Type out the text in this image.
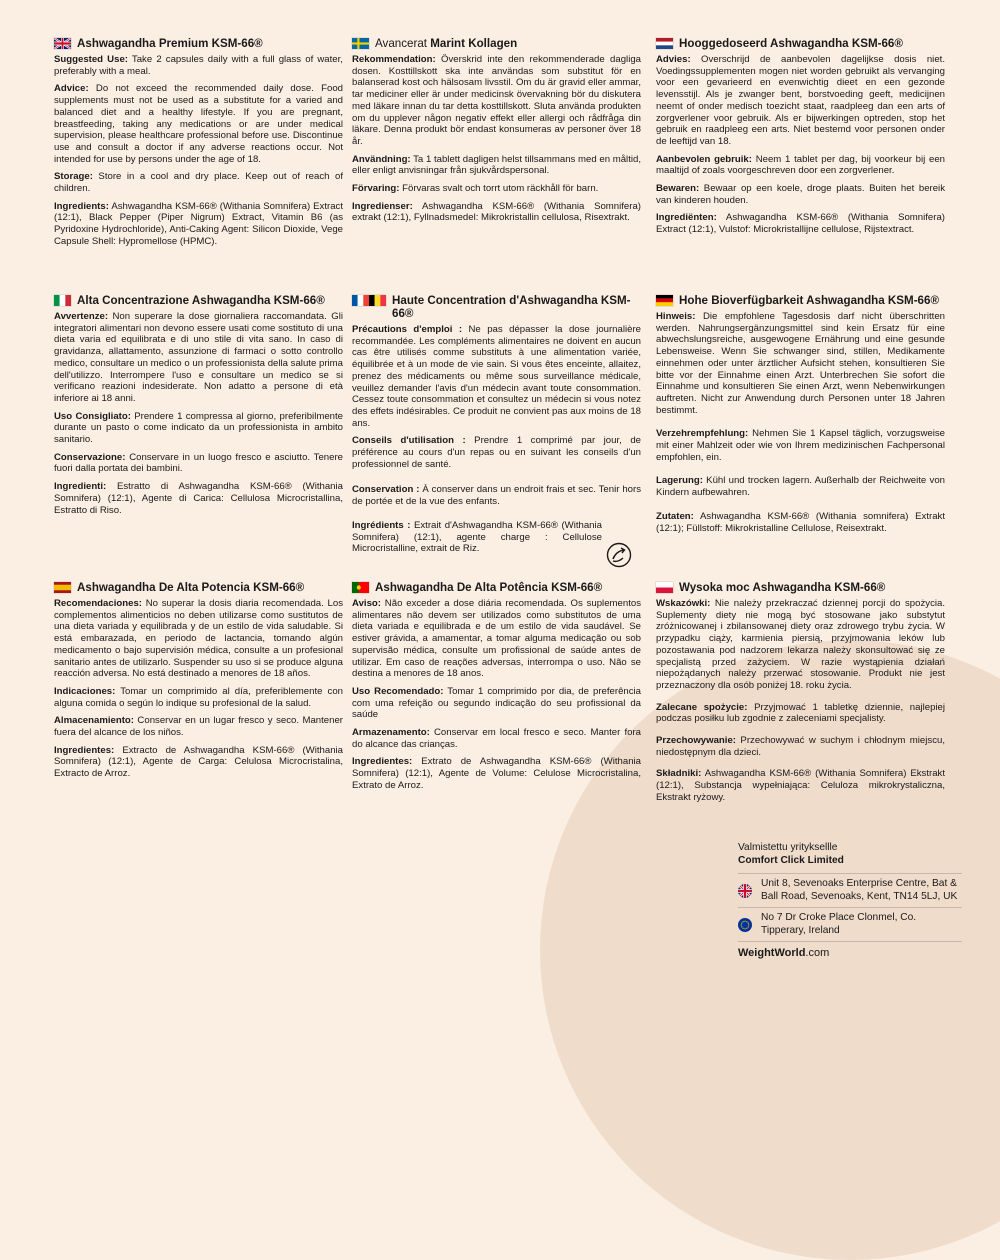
Ashwagandha Premium KSM-66®

Suggested Use: Take 2 capsules daily with a full glass of water, preferably with a meal.

Advice: Do not exceed the recommended daily dose. Food supplements must not be used as a substitute for a varied and balanced diet and a healthy lifestyle. If you are pregnant, breastfeeding, taking any medications or are under medical supervision, please healthcare professional before use. Discontinue use and consult a doctor if any adverse reactions occur. Not intended for use by persons under the age of 18.

Storage: Store in a cool and dry place. Keep out of reach of children.

Ingredients: Ashwagandha KSM-66® (Withania Somnifera) Extract (12:1), Black Pepper (Piper Nigrum) Extract, Vitamin B6 (as Pyridoxine Hydrochloride), Anti-Caking Agent: Silicon Dioxide, Vege Capsule Shell: Hypromellose (HPMC).

Avancerat Marint Kollagen

Rekommendation: Överskrid inte den rekommenderade dagliga dosen. Kosttillskott ska inte användas som substitut för en balanserad kost och hälsosam livsstil. Om du är gravid eller ammar, tar mediciner eller är under medicinsk övervakning bör du diskutera med läkare innan du tar detta kosttillskott. Sluta använda produkten om du upplever någon negativ effekt eller allergi och rådfråga din läkare. Denna produkt bör endast konsumeras av personer över 18 år.

Användning: Ta 1 tablett dagligen helst tillsammans med en måltid, eller enligt anvisningar från sjukvårdspersonal.

Förvaring: Förvaras svalt och torrt utom räckhåll för barn.

Ingredienser: Ashwagandha KSM-66® (Withania Somnifera) extrakt (12:1), Fyllnadsmedel: Mikrokristallin cellulosa, Risextrakt.

Hooggedoseerd Ashwagandha KSM-66®

Advies: Overschrijd de aanbevolen dagelijkse dosis niet. Voedingssupplementen mogen niet worden gebruikt als vervanging voor een gevarieerd en evenwichtig dieet en een gezonde levensstijl. Als je zwanger bent, borstvoeding geeft, medicijnen neemt of onder medisch toezicht staat, raadpleeg dan een arts of zorgverlener voor gebruik. Als er bijwerkingen optreden, stop het gebruik en raadpleeg een arts. Niet bestemd voor personen onder de leeftijd van 18.

Aanbevolen gebruik: Neem 1 tablet per dag, bij voorkeur bij een maaltijd of zoals voorgeschreven door een zorgverlener.

Bewaren: Bewaar op een koele, droge plaats. Buiten het bereik van kinderen houden.

Ingrediënten: Ashwagandha KSM-66® (Withania Somnifera) Extract (12:1), Vulstof: Microkristallijne cellulose, Rijstextract.

Alta Concentrazione Ashwagandha KSM-66®

Avvertenze: Non superare la dose giornaliera raccomandata. Gli integratori alimentari non devono essere usati come sostituto di una dieta varia ed equilibrata e di uno stile di vita sano. In caso di gravidanza, allattamento, assunzione di farmaci o sotto controllo medico, consultare un medico o un professionista della salute prima dell'utilizzo. Interrompere l'uso e consultare un medico se si verificano reazioni indesiderate. Non adatto a persone di età inferiore ai 18 anni.

Uso Consigliato: Prendere 1 compressa al giorno, preferibilmente durante un pasto o come indicato da un professionista in ambito sanitario.

Conservazione: Conservare in un luogo fresco e asciutto. Tenere fuori dalla portata dei bambini.

Ingredienti: Estratto di Ashwagandha KSM-66® (Withania Somnifera) (12:1), Agente di Carica: Cellulosa Microcristallina, Estratto di Riso.

Haute Concentration d'Ashwagandha KSM-66®

Précautions d'emploi : Ne pas dépasser la dose journalière recommandée. Les compléments alimentaires ne doivent en aucun cas être utilisés comme substituts à une alimentation variée, équilibrée et à un mode de vie sain. Si vous êtes enceinte, allaitez, prenez des médicaments ou même sous surveillance médicale, veuillez demander l'avis d'un médecin avant toute consommation. Cessez toute consommation et consultez un médecin si vous notez des effets indésirables. Ce produit ne convient pas aux moins de 18 ans.

Conseils d'utilisation : Prendre 1 comprimé par jour, de préférence au cours d'un repas ou en suivant les conseils d'un professionnel de santé.

Conservation : À conserver dans un endroit frais et sec. Tenir hors de portée et de la vue des enfants.

Ingrédients : Extrait d'Ashwagandha KSM-66® (Withania Somnifera) (12:1), agente charge : Cellulose Microcristalline, extrait de Riz.

Hohe Bioverfügbarkeit Ashwagandha KSM-66®

Hinweis: Die empfohlene Tagesdosis darf nicht überschritten werden. Nahrungsergänzungsmittel sind kein Ersatz für eine abwechslungsreiche, ausgewogene Ernährung und eine gesunde Lebensweise. Wenn Sie schwanger sind, stillen, Medikamente einnehmen oder unter ärztlicher Aufsicht stehen, konsultieren Sie bitte vor der Einnahme einen Arzt. Unterbrechen Sie sofort die Einnahme und konsultieren Sie einen Arzt, wenn Nebenwirkungen auftreten. Nicht zur Anwendung durch Personen unter 18 Jahren bestimmt.

Verzehrempfehlung: Nehmen Sie 1 Kapsel täglich, vorzugsweise mit einer Mahlzeit oder wie von Ihrem medizinischen Fachpersonal empfohlen, ein.

Lagerung: Kühl und trocken lagern. Außerhalb der Reichweite von Kindern aufbewahren.

Zutaten: Ashwagandha KSM-66® (Withania somnifera) Extrakt (12:1); Füllstoff: Mikrokristalline Cellulose, Reisextrakt.

Ashwagandha De Alta Potencia KSM-66®

Recomendaciones: No superar la dosis diaria recomendada. Los complementos alimenticios no deben utilizarse como sustitutos de una dieta variada y equilibrada y de un estilo de vida saludable. Si está embarazada, en periodo de lactancia, tomando algún medicamento o bajo supervisión médica, consulte a un profesional sanitario antes de utilizarlo. Suspender su uso si se produce alguna reacción adversa. No está destinado a menores de 18 años.

Indicaciones: Tomar un comprimido al día, preferiblemente con alguna comida o según lo indique su profesional de la salud.

Almacenamiento: Conservar en un lugar fresco y seco. Mantener fuera del alcance de los niños.

Ingredientes: Extracto de Ashwagandha KSM-66® (Withania Somnifera) (12:1), Agente de Carga: Celulosa Microcristalina, Extracto de Arroz.

Ashwagandha De Alta Potência KSM-66®

Aviso: Não exceder a dose diária recomendada. Os suplementos alimentares não devem ser utilizados como substitutos de uma dieta variada e equilibrada e de um estilo de vida saudável. Se estiver grávida, a amamentar, a tomar alguma medicação ou sob supervisão médica, consulte um profissional de saúde antes de utilizar. Em caso de reações adversas, interrompa o uso. Não se destina a menores de 18 anos.

Uso Recomendado: Tomar 1 comprimido por dia, de preferência com uma refeição ou segundo indicação do seu profissional da saúde

Armazenamento: Conservar em local fresco e seco. Manter fora do alcance das crianças.

Ingredientes: Extrato de Ashwagandha KSM-66® (Withania Somnifera) (12:1), Agente de Volume: Celulose Microcristalina, Extrato de Arroz.

Wysoka moc Ashwagandha KSM-66®

Wskazówki: Nie należy przekraczać dziennej porcji do spożycia. Suplementy diety nie mogą być stosowane jako substytut zróżnicowanej i zbilansowanej diety oraz zdrowego trybu życia. W przypadku ciąży, karmienia piersią, przyjmowania leków lub pozostawania pod nadzorem lekarza należy skonsultować się ze specjalistą przed zażyciem. W razie wystąpienia działań niepożądanych należy przerwać stosowanie. Produkt nie jest przeznaczony dla osób poniżej 18. roku życia.

Zalecane spożycie: Przyjmować 1 tabletkę dziennie, najlepiej podczas posiłku lub zgodnie z zaleceniami specjalisty.

Przechowywanie: Przechowywać w suchym i chłodnym miejscu, niedostępnym dla dzieci.

Składniki: Ashwagandha KSM-66® (Withania Somnifera) Ekstrakt (12:1), Substancja wypełniająca: Celuloza mikrokrystaliczna, Ekstrakt ryżowy.

Valmistettu yrityksellle
Comfort Click Limited
Unit 8, Sevenoaks Enterprise Centre, Bat & Ball Road, Sevenoaks, Kent, TN14 5LJ, UK
No 7 Dr Croke Place Clonmel, Co. Tipperary, Ireland
WeightWorld.com
